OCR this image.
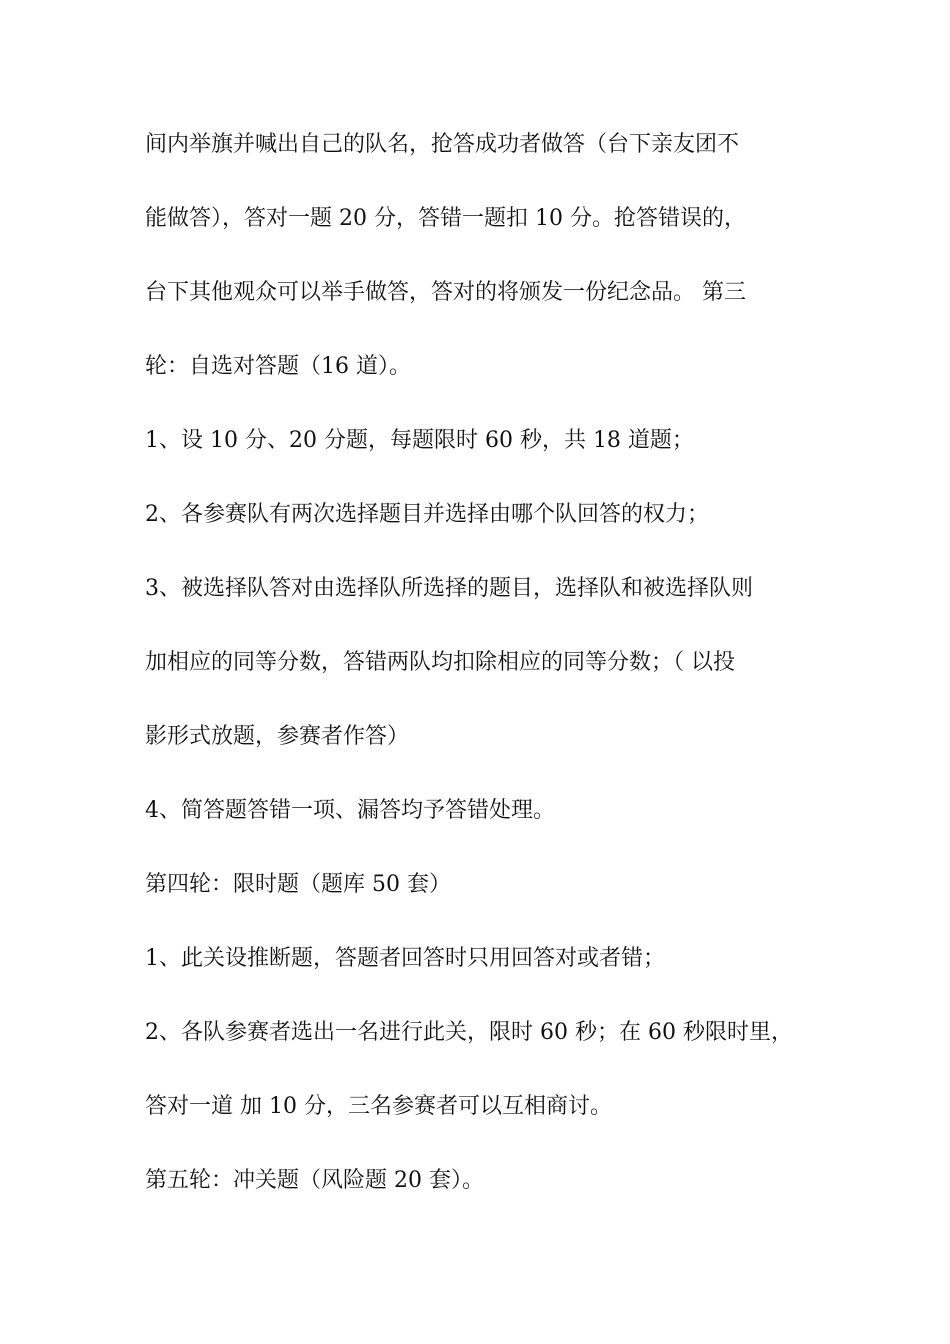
间内举旗并喊出自己的队名，抢答成功者做答（台下亲友团不
能做答），答对一题 20 分，答错一题扣 10 分。抢答错误的，
台下其他观众可以举手做答，答对的将颁发一份纪念品。 第三
轮：自选对答题（16 道）。
1、设 10 分、20 分题，每题限时 60 秒，共 18 道题；
2、各参赛队有两次选择题目并选择由哪个队回答的权力；
3、被选择队答对由选择队所选择的题目，选择队和被选择队则
加相应的同等分数，答错两队均扣除相应的同等分数；（ 以投
影形式放题，参赛者作答）
4、简答题答错一项、漏答均予答错处理。
第四轮：限时题（题库 50 套）
1、此关设推断题，答题者回答时只用回答对或者错；
2、各队参赛者选出一名进行此关，限时 60 秒；在 60 秒限时里，
答对一道 加 10 分，三名参赛者可以互相商讨。
第五轮：冲关题（风险题 20 套）。
